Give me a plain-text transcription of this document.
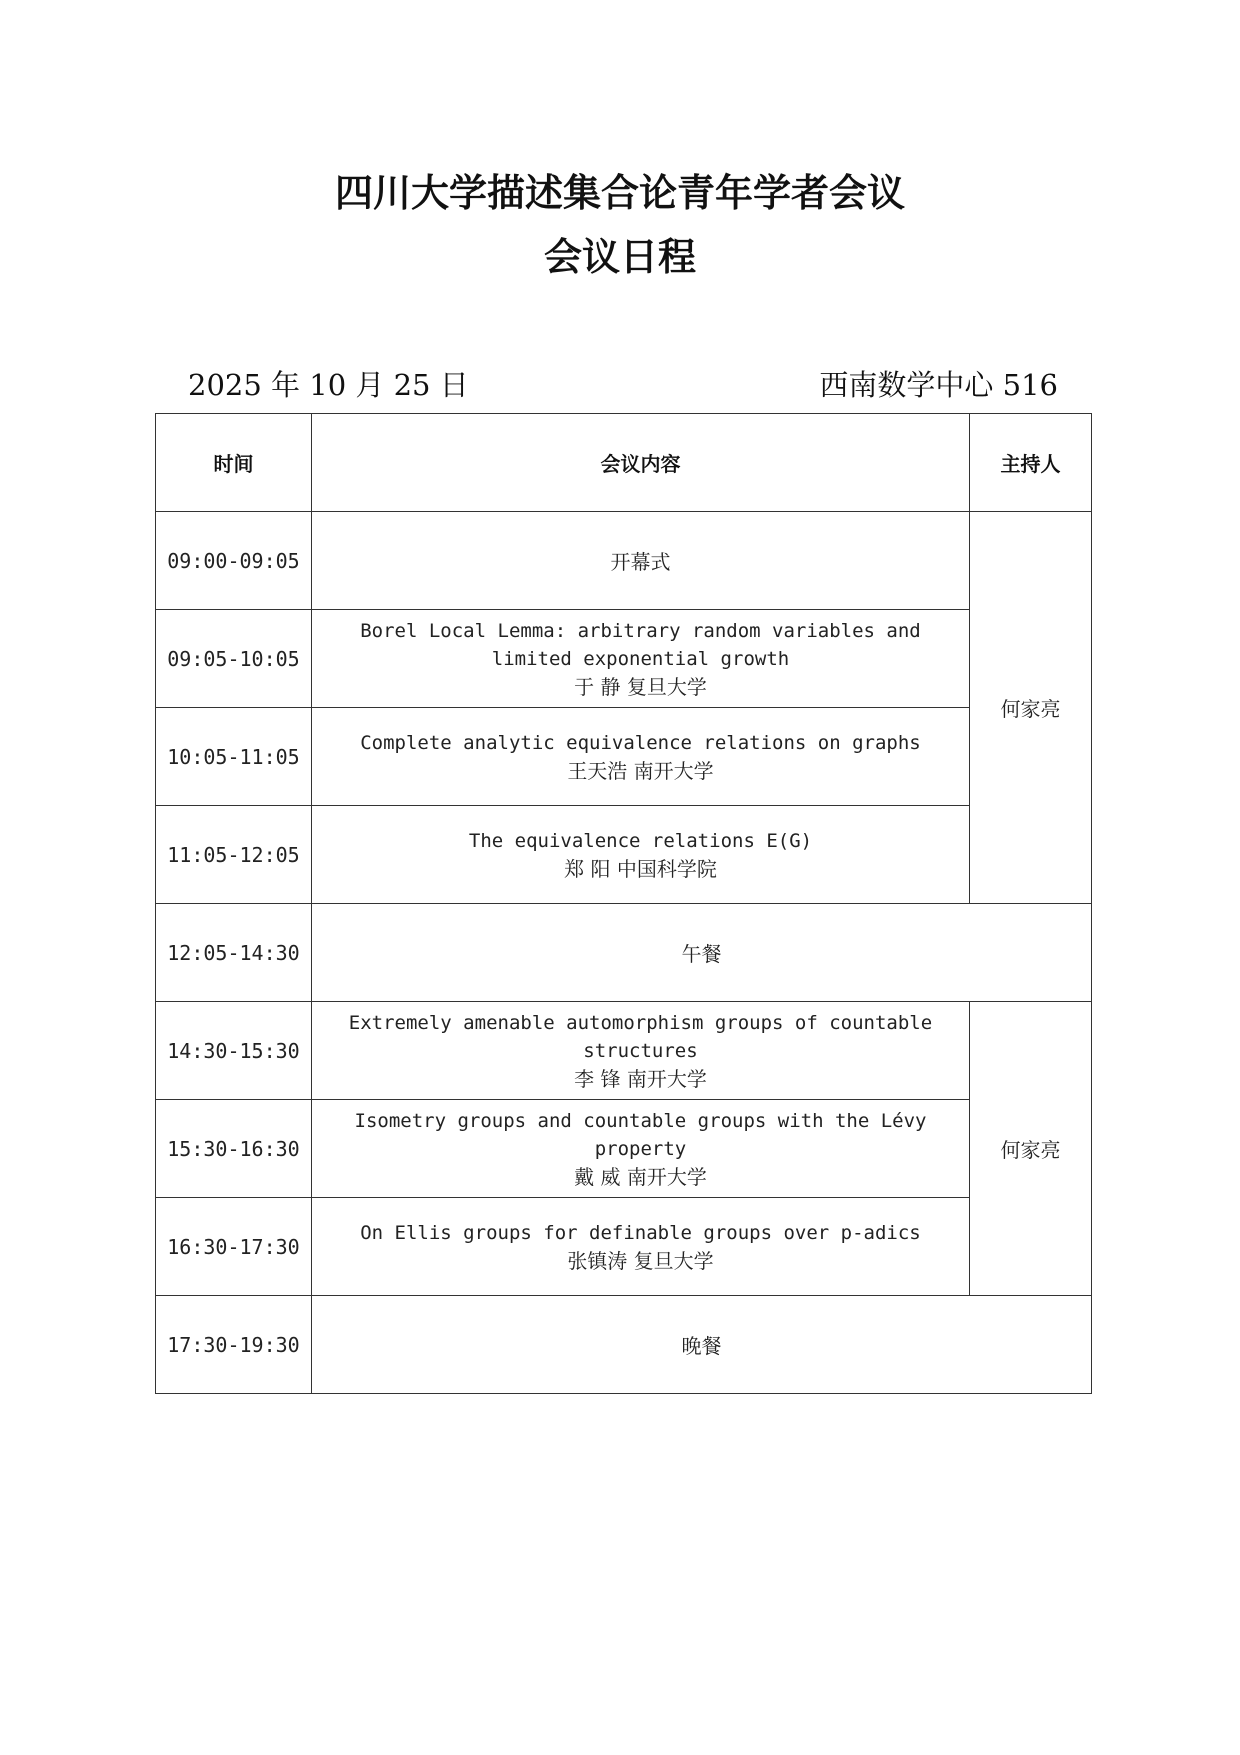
四川大学描述集合论青年学者会议
会议日程
2025 年 10 月 25 日	西南数学中心 516
时间	会议内容	主持人
09:00-09:05	开幕式	何家亮
09:05-10:05	Borel Local Lemma: arbitrary random variables and limited exponential growth
于 静 复旦大学	

10:05-11:05	Complete analytic equivalence relations on graphs
王天浩 南开大学	

11:05-12:05	The equivalence relations E(G)
郑 阳 中国科学院	

12:05-14:30	午餐	
14:30-15:30	Extremely amenable automorphism groups of countable structures
李 锋 南开大学	何家亮
15:30-16:30	Isometry groups and countable groups with the Lévy property
戴 威 南开大学	

16:30-17:30	On Ellis groups for definable groups over p-adics
张镇涛 复旦大学	

17:30-19:30	晚餐	
